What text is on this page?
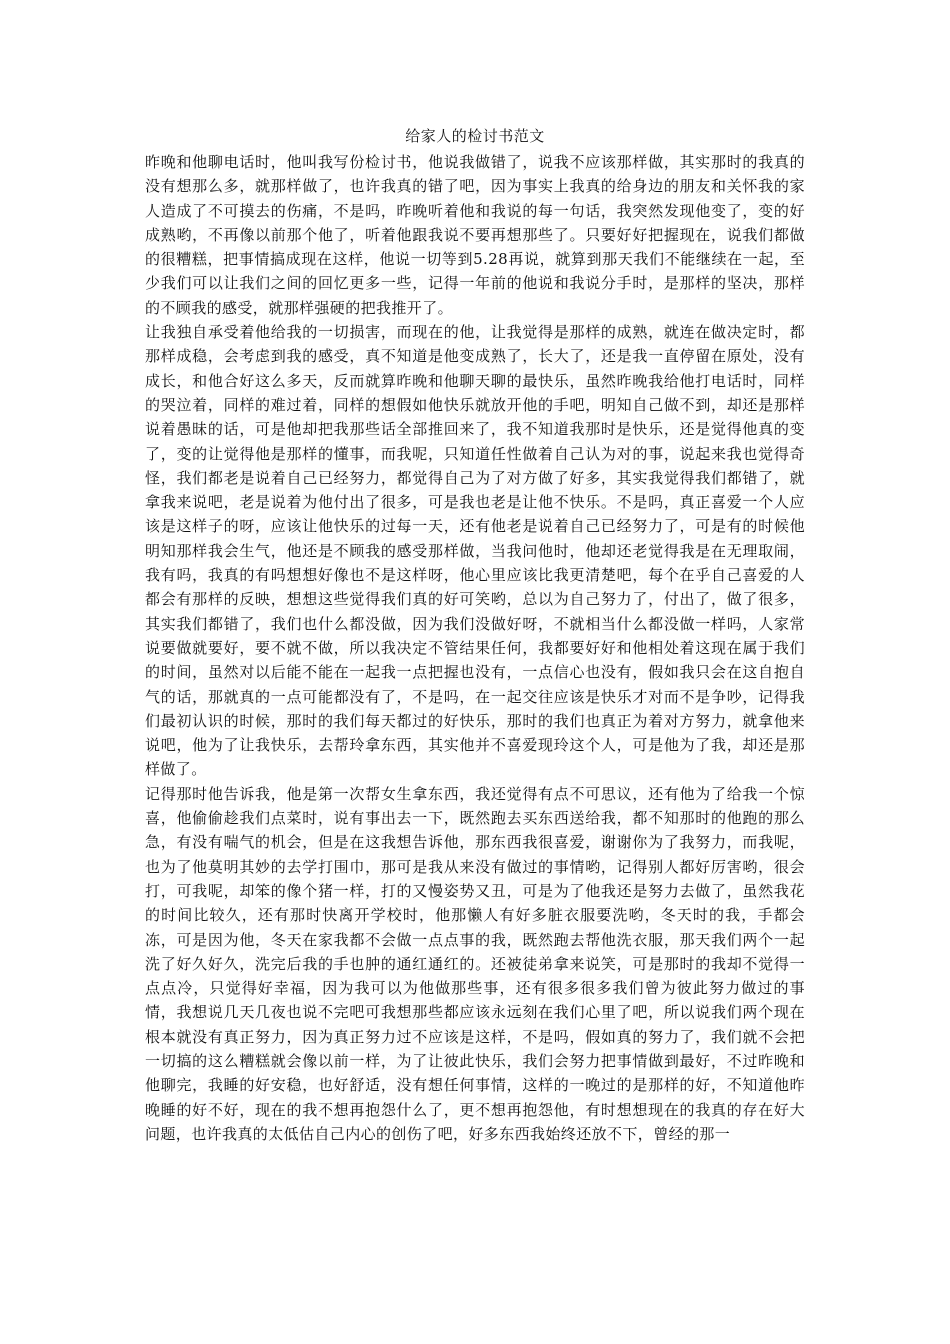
给家人的检讨书范文

昨晚和他聊电话时，他叫我写份检讨书，他说我做错了，说我不应该那样做，其实那时的我真的没有想那么多，就那样做了，也许我真的错了吧，因为事实上我真的给身边的朋友和关怀我的家人造成了不可摸去的伤痛，不是吗，昨晚听着他和我说的每一句话，我突然发现他变了，变的好成熟哟，不再像以前那个他了，听着他跟我说不要再想那些了。只要好好把握现在，说我们都做的很糟糕，把事情搞成现在这样，他说一切等到5.28再说，就算到那天我们不能继续在一起，至少我们可以让我们之间的回忆更多一些，记得一年前的他说和我说分手时，是那样的坚决，那样的不顾我的感受，就那样强硬的把我推开了。

让我独自承受着他给我的一切损害，而现在的他，让我觉得是那样的成熟，就连在做决定时，都那样成稳，会考虑到我的感受，真不知道是他变成熟了，长大了，还是我一直停留在原处，没有成长，和他合好这么多天，反而就算昨晚和他聊天聊的最快乐，虽然昨晚我给他打电话时，同样的哭泣着，同样的难过着，同样的想假如他快乐就放开他的手吧，明知自己做不到，却还是那样说着愚昧的话，可是他却把我那些话全部推回来了，我不知道我那时是快乐，还是觉得他真的变了，变的让觉得他是那样的懂事，而我呢，只知道任性做着自己认为对的事，说起来我也觉得奇怪，我们都老是说着自己已经努力，都觉得自己为了对方做了好多，其实我觉得我们都错了，就拿我来说吧，老是说着为他付出了很多，可是我也老是让他不快乐。不是吗，真正喜爱一个人应该是这样子的呀，应该让他快乐的过每一天，还有他老是说着自己已经努力了，可是有的时候他明知那样我会生气，他还是不顾我的感受那样做，当我问他时，他却还老觉得我是在无理取闹，我有吗，我真的有吗想想好像也不是这样呀，他心里应该比我更清楚吧，每个在乎自己喜爱的人都会有那样的反映，想想这些觉得我们真的好可笑哟，总以为自己努力了，付出了，做了很多，其实我们都错了，我们也什么都没做，因为我们没做好呀，不就相当什么都没做一样吗，人家常说要做就要好，要不就不做，所以我决定不管结果任何，我都要好好和他相处着这现在属于我们的时间，虽然对以后能不能在一起我一点把握也没有，一点信心也没有，假如我只会在这自抱自气的话，那就真的一点可能都没有了，不是吗，在一起交往应该是快乐才对而不是争吵，记得我们最初认识的时候，那时的我们每天都过的好快乐，那时的我们也真正为着对方努力，就拿他来说吧，他为了让我快乐，去帮玲拿东西，其实他并不喜爱现玲这个人，可是他为了我，却还是那样做了。

记得那时他告诉我，他是第一次帮女生拿东西，我还觉得有点不可思议，还有他为了给我一个惊喜，他偷偷趁我们点菜时，说有事出去一下，既然跑去买东西送给我，都不知那时的他跑的那么急，有没有喘气的机会，但是在这我想告诉他，那东西我很喜爱，谢谢你为了我努力，而我呢，也为了他莫明其妙的去学打围巾，那可是我从来没有做过的事情哟，记得别人都好厉害哟，很会打，可我呢，却笨的像个猪一样，打的又慢姿势又丑，可是为了他我还是努力去做了，虽然我花的时间比较久，还有那时快离开学校时，他那懒人有好多脏衣服要洗哟，冬天时的我，手都会冻，可是因为他，冬天在家我都不会做一点点事的我，既然跑去帮他洗衣服，那天我们两个一起洗了好久好久，洗完后我的手也肿的通红通红的。还被徒弟拿来说笑，可是那时的我却不觉得一点点冷，只觉得好幸福，因为我可以为他做那些事，还有很多很多我们曾为彼此努力做过的事情，我想说几天几夜也说不完吧可我想那些都应该永远刻在我们心里了吧，所以说我们两个现在根本就没有真正努力，因为真正努力过不应该是这样，不是吗，假如真的努力了，我们就不会把一切搞的这么糟糕就会像以前一样，为了让彼此快乐，我们会努力把事情做到最好，不过昨晚和他聊完，我睡的好安稳，也好舒适，没有想任何事情，这样的一晚过的是那样的好，不知道他昨晚睡的好不好，现在的我不想再抱怨什么了，更不想再抱怨他，有时想想现在的我真的存在好大问题，也许我真的太低估自己内心的创伤了吧，好多东西我始终还放不下，曾经的那一
